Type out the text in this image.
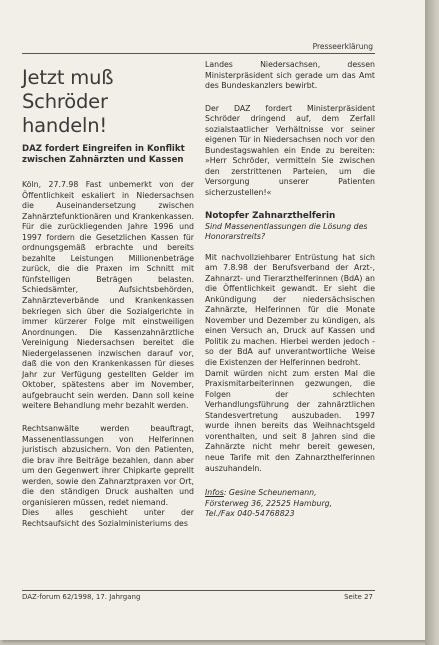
Presseerklärung
Jetzt muß Schröder
handeln!
DAZ fordert Eingreifen in Konflikt zwischen Zahnärzten und Kassen

Köln, 27.7.98 Fast unbemerkt von der Öffentlichkeit eskaliert in Niedersachsen die Auseinandersetzung zwischen Zahnärztefunktionären und Krankenkassen. Für die zurückliegenden Jahre 1996 und 1997 fordern die Gesetzlichen Kassen für ordnungsgemäß erbrachte und bereits bezahlte Leistungen Millionenbeträge zurück, die die Praxen im Schnitt mit fünfstelligen Beträgen belasten. Schiedsämter, Aufsichtsbehörden, Zahnärzteverbände und Krankenkassen bekriegen sich über die Sozialgerichte in immer kürzerer Folge mit einstweiligen Anordnungen. Die Kassenzahnärztliche Vereinigung Niedersachsen bereitet die Niedergelassenen inzwischen darauf vor, daß die von den Krankenkassen für dieses Jahr zur Verfügung gestellten Gelder im Oktober, spätestens aber im November, aufgebraucht sein werden. Dann soll keine weitere Behandlung mehr bezahlt werden.

Rechtsanwälte werden beauftragt, Massenentlassungen von Helferinnen juristisch abzusichern. Von den Patienten, die brav ihre Beiträge bezahlen, dann aber um den Gegenwert ihrer Chipkarte geprellt werden, sowie den Zahnarztpraxen vor Ort, die den ständigen Druck aushalten und organisieren müssen, redet niemand.

Dies alles geschieht unter der Rechtsaufsicht des Sozialministeriums des

Landes Niedersachsen, dessen Ministerpräsident sich gerade um das Amt des Bundeskanzlers bewirbt.

Der DAZ fordert Ministerpräsident Schröder dringend auf, dem Zerfall sozialstaatlicher Verhältnisse vor seiner eigenen Tür in Niedersachsen noch vor den Bundestagswahlen ein Ende zu bereiten: »Herr Schröder, vermitteln Sie zwischen den zerstrittenen Parteien, um die Versorgung unserer Patienten sicherzustellen!«

Notopfer Zahnarzthelferin
Sind Massenentlassungen die Lösung des Honorarstreits?

Mit nachvollziehbarer Entrüstung hat sich am 7.8.98 der Berufsverband der Arzt-, Zahnarzt- und Tierarzthelferinnen (BdA) an die Öffentlichkeit gewandt. Er sieht die Ankündigung der niedersächsischen Zahnärzte, Helferinnen für die Monate November und Dezember zu kündigen, als einen Versuch an, Druck auf Kassen und Politik zu machen. Hierbei werden jedoch - so der BdA auf unverantwortliche Weise die Existenzen der Helferinnen bedroht.

Damit würden nicht zum ersten Mal die Praxismitarbeiterinnen gezwungen, die Folgen der schlechten Verhandlungsführung der zahnärztlichen Standesvertretung auszubaden. 1997 wurde ihnen bereits das Weihnachtsgeld vorenthalten, und seit 8 Jahren sind die Zahnärzte nicht mehr bereit gewesen, neue Tarife mit den Zahnarzthelferinnen auszuhandeln.

Infos: Gesine Scheunemann,
Försterweg 36, 22525 Hamburg,
Tel./Fax 040-54768823
DAZ-forum 62/1998, 17. Jahrgang	Seite 27
